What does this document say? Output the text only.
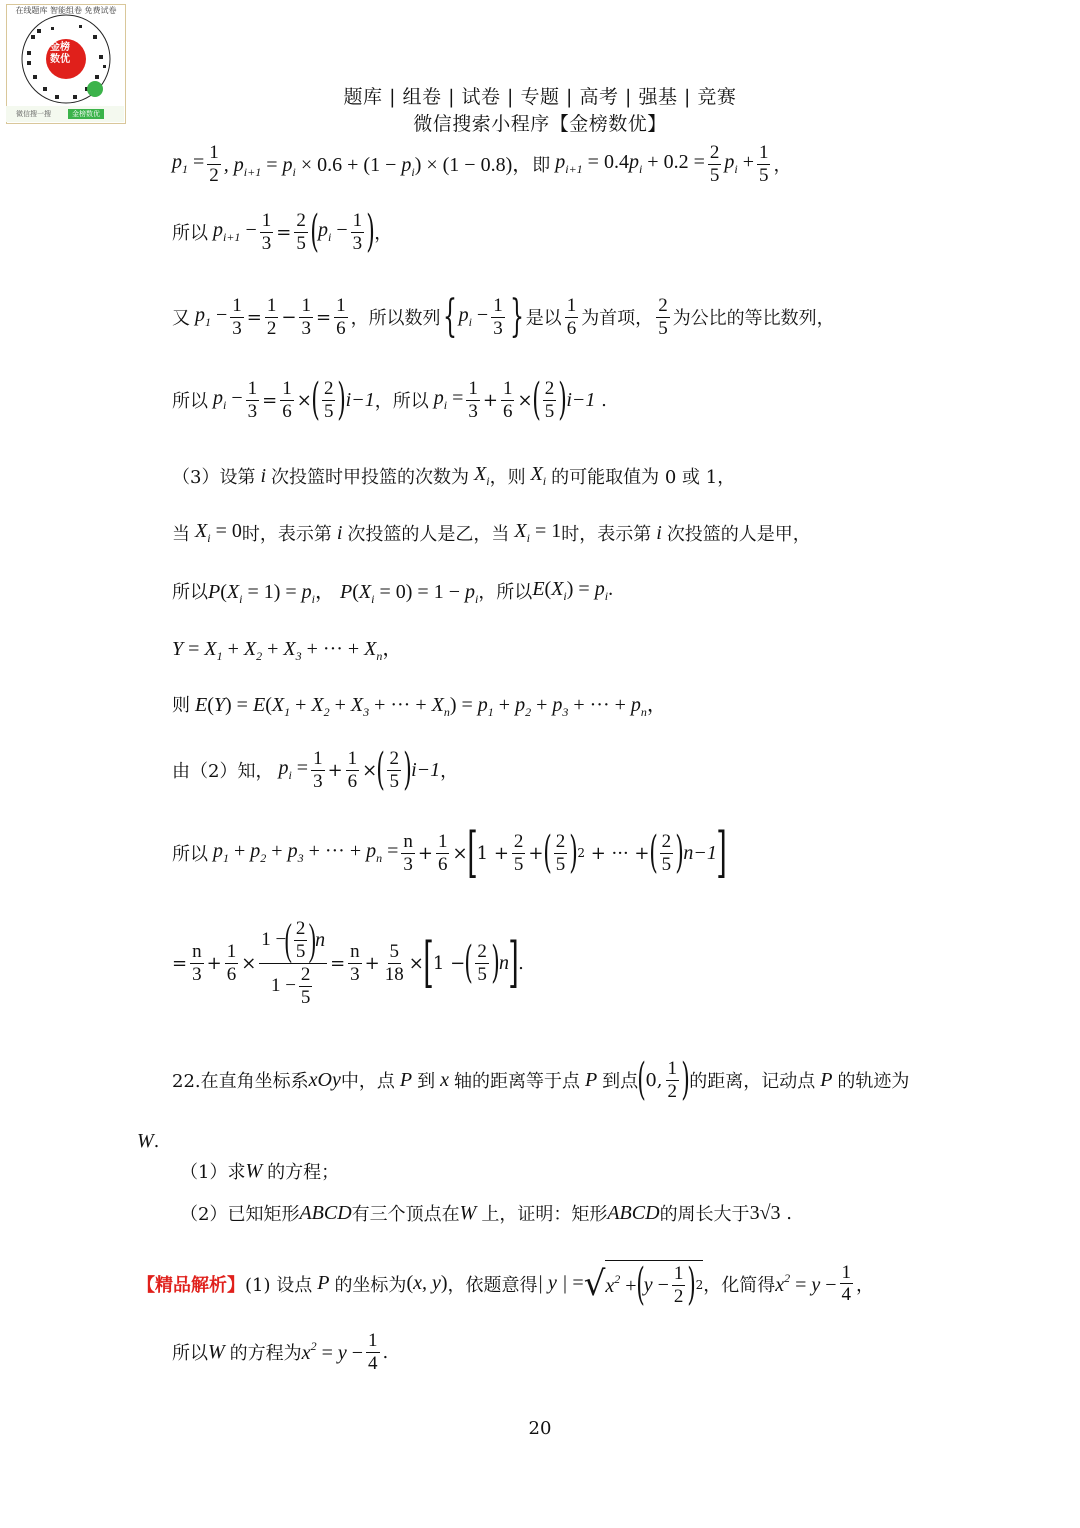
金榜
数优
在线题库 智能组卷 免费试卷
微信搜一搜	金榜数优
题库 | 组卷 | 试卷 | 专题 | 高考 | 强基 | 竞赛
微信搜索小程序【金榜数优】
$p_1 = \frac{1}{2}$ , $p_{i+1} = p_i \times 0.6 + (1 - p_i) \times (1 - 0.8)$， 即 $p_{i+1} = 0.4p_i + 0.2 = \frac{2}{5} p_i + \frac{1}{5}$ ，
所以 $p_{i+1} - \frac{1}{3} = \frac{2}{5}$ ( $p_i - \frac{1}{3}$ ) ，
又 $p_1 - \frac{1}{3} = \frac{1}{2} - \frac{1}{3} = \frac{1}{6}$ ， 所以数列 { $p_i - \frac{1}{3}$ } 是以 $\frac{1}{6}$ 为首项， $\frac{2}{5}$ 为公比的等比数列，
所以 $p_i - \frac{1}{3} = \frac{1}{6}$ × ( $\frac{2}{5}$ ) i−1 ，所以 $p_i = \frac{1}{3} + \frac{1}{6}$ × ( $\frac{2}{5}$ ) i−1 .
（3）设第 i 次投篮时甲投篮的次数为 $X_i$ ，则 $X_i$ 的可能取值为 0 或 1，
当 $X_i = 0$ 时，表示第 i 次投篮的人是乙，当 $X_i = 1$ 时，表示第 i 次投篮的人是甲，
所以 $P(X_i = 1) = p_i$， $P(X_i = 0) = 1 - p_i$ ，所以 $E(X_i) = p_i$.
$Y = X_1 + X_2 + X_3$ + ··· + $X_n$，
则 $E(Y) = E(X_1 + X_2 + X_3$ + ··· + $X_n) = p_1 + p_2 + p_3$ + ··· + $p_n$，
由（2）知， $p_i = \frac{1}{3} + \frac{1}{6}$ × ( $\frac{2}{5}$ ) i−1 ，
所以 $p_1 + p_2 + p_3$ + ··· + $p_n = \frac{n}{3} + \frac{1}{6}$ × [ $1 + \frac{2}{5}$ + ( $\frac{2}{5}$ ) 2 + ··· + ( $\frac{2}{5}$ ) n−1 ]
= $\frac{n}{3} + \frac{1}{6} \times 1$ −
( $\frac{2}{5}$ )
n
$1 - \frac{2}{5} = \frac{n}{3} + \frac{5}{18}$ × [ 1 − ( $\frac{2}{5}$ ) n ] .
22.在直角坐标系 xOy 中，点 P 到 x 轴的距离等于点 P 到点 ( 0, $\frac{1}{2}$ ) 的距离，记动点 P 的轨迹为
W .
（1）求 W 的方程；
（2）已知矩形 ABCD 有三个顶点在 W 上，证明：矩形 ABCD 的周长大于 3√3 .
【精品解析】 (1) 设点 P 的坐标为 ( x, y ) ，依题意得 | y | = √ $x^2$ + ( $y - \frac{1}{2}$ ) 2 ，化简得 $x^2 = y - \frac{1}{4}$ ，
所以 W 的方程为 $x^2 = y - \frac{1}{4}$ .
20
